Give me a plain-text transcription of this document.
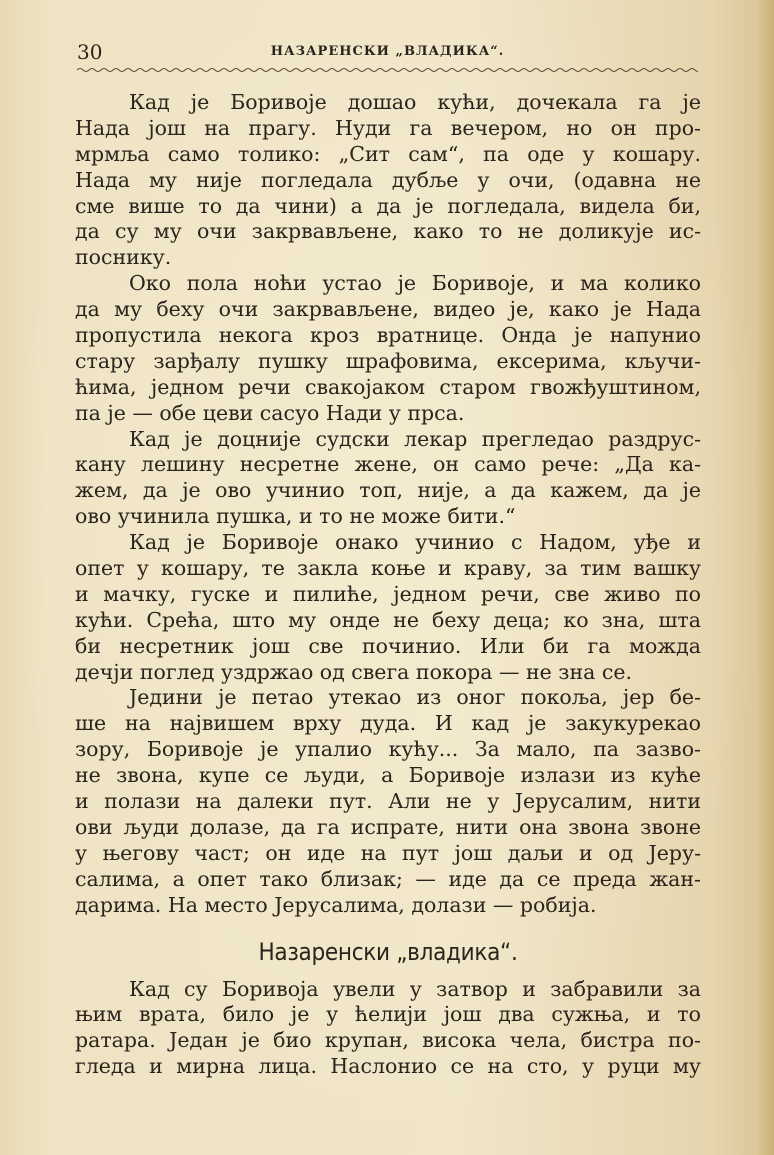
30	НАЗАРЕНСКИ „ВЛАДИКА“.
Кад је Боривоје дошао кући, дочекала га је
Нада још на прагу. Нуди га вечером, но он про-
мрмља само толико: „Сит сам“, па оде у кошару.
Нада му није погледала дубље у очи, (одавна не
сме више то да чини) а да је погледала, видела би,
да су му очи закрвављене, како то не доликује ис-
поснику.
Око пола ноћи устао је Боривоје, и ма колико
да му беху очи закрвављене, видео је, како је Нада
пропустила некога кроз вратнице. Онда је напунио
стару зарђалу пушку шрафовима, ексерима, кључи-
ћима, једном речи свакојаком старом гвожђуштином,
па је — обе цеви сасуо Нади у прса.
Кад је доцније судски лекар прегледао раздрус-
кану лешину несретне жене, он само рече: „Да ка-
жем, да је ово учинио топ, није, а да кажем, да је
ово учинила пушка, и то не може бити.“
Кад је Боривоје онако учинио с Надом, уђе и
опет у кошару, те закла коње и краву, за тим вашку
и мачку, гуске и пилиће, једном речи, све живо по
кући. Срећа, што му онде не беху деца; ко зна, шта
би несретник још све починио. Или би га можда
дечји поглед уздржао од свега покора — не зна се.
Једини је петао утекао из оног покоља, јер бе-
ше на највишем врху дуда. И кад је закукурекао
зору, Боривоје је упалио кућу... За мало, па зазво-
не звона, купе се људи, а Боривоје излази из куће
и полази на далеки пут. Али не у Јерусалим, нити
ови људи долазе, да га испрате, нити она звона звоне
у његову част; он иде на пут још даљи и од Јеру-
салима, а опет тако близак; — иде да се преда жан-
дарима. На место Јерусалима, долази — робија.
Назаренски „владика“.
Кад су Боривоја увели у затвор и забравили за
њим врата, било је у ћелији још два сужња, и то
ратара. Један је био крупан, висока чела, бистра по-
гледа и мирна лица. Наслонио се на сто, у руци му
